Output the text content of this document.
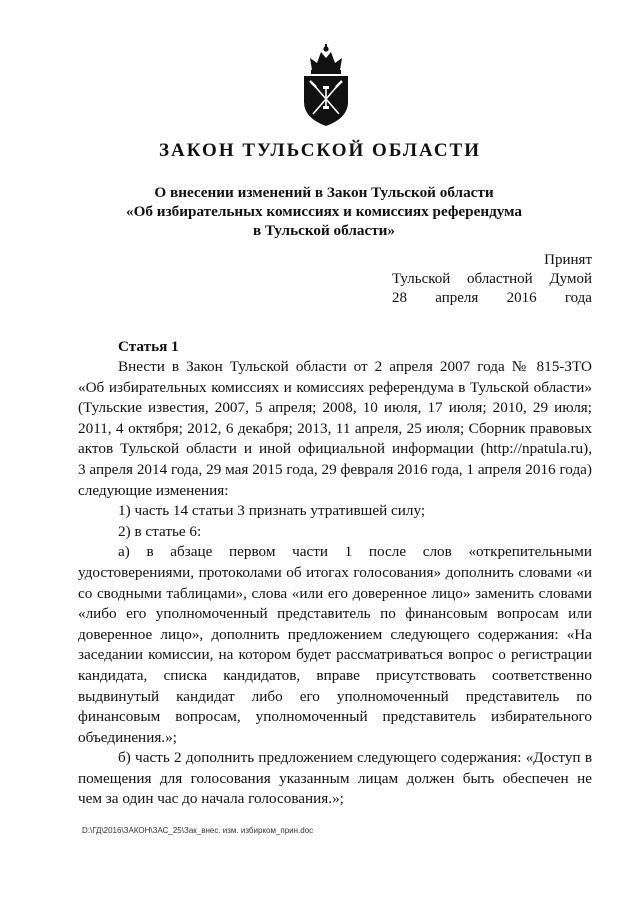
ЗАКОН ТУЛЬСКОЙ ОБЛАСТИ
О внесении изменений в Закон Тульской области
«Об избирательных комиссиях и комиссиях референдума
в Тульской области»
Принят
Тульской областной Думой
28 апреля 2016 года
Статья 1
Внести в Закон Тульской области от 2 апреля 2007 года № 815-ЗТО
«Об избирательных комиссиях и комиссиях референдума в Тульской области»
(Тульские известия, 2007, 5 апреля; 2008, 10 июля, 17 июля; 2010, 29 июля;
2011, 4 октября; 2012, 6 декабря; 2013, 11 апреля, 25 июля; Сборник правовых
актов Тульской области и иной официальной информации (http://npatula.ru),
3 апреля 2014 года, 29 мая 2015 года, 29 февраля 2016 года, 1 апреля 2016 года)
следующие изменения:
1) часть 14 статьи 3 признать утратившей силу;
2) в статье 6:
а) в абзаце первом части 1 после слов «открепительными
удостоверениями, протоколами об итогах голосования» дополнить словами «и
со сводными таблицами», слова «или его доверенное лицо» заменить словами
«либо его уполномоченный представитель по финансовым вопросам или
доверенное лицо», дополнить предложением следующего содержания: «На
заседании комиссии, на котором будет рассматриваться вопрос о регистрации
кандидата, списка кандидатов, вправе присутствовать соответственно
выдвинутый кандидат либо его уполномоченный представитель по
финансовым вопросам, уполномоченный представитель избирательного
объединения.»;
б) часть 2 дополнить предложением следующего содержания: «Доступ в
помещения для голосования указанным лицам должен быть обеспечен не
чем за один час до начала голосования.»;
D:\ГД\2016\ЗАКОН\ЗАС_25\Зак_внес. изм. избирком_прин.doc
